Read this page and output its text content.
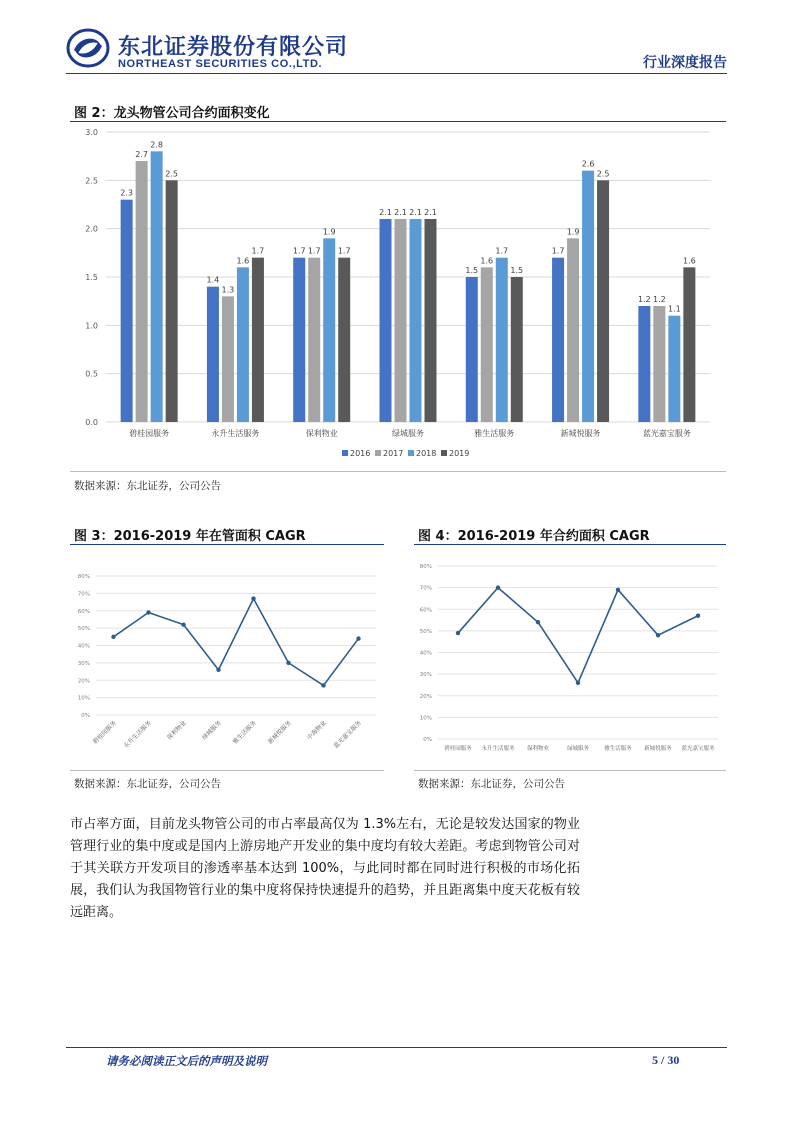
东北证券股份有限公司
NORTHEAST SECURITIES CO.,LTD.	行业深度报告
图 2：龙头物管公司合约面积变化
0.0
0.5
1.0
1.5
2.0
2.5
3.0
2.3
2.7
2.8
2.5
碧桂园服务
1.4
1.3
1.6
1.7
永升生活服务
1.7 1.7
1.9
1.7
保利物业
2.1 2.1 2.1 2.1
绿城服务
1.5
1.6
1.7
1.5
雅生活服务
1.7
1.9
2.6
2.5
新城悦服务
1.2 1.2
1.1
1.6
蓝光嘉宝服务
2016 2017 2018 2019
数据来源：东北证券，公司公告
图 3：2016-2019 年在管面积 CAGR
0%
10%
20%
30%
40%
50%
60%
70%
80%
碧桂园服务 永升生活服务 保利物业 绿城服务 雅生活服务 新城悦服务 中海物业 蓝光嘉宝服务
数据来源：东北证券，公司公告
图 4：2016-2019 年合约面积 CAGR
0%
10%
20%
30%
40%
50%
60%
70%
80%
碧桂园服务 永升生活服务 保利物业	绿城服务	雅生活服务 新城悦服务 蓝光嘉宝服务
数据来源：东北证券，公司公告
市占率方面，目前龙头物管公司的市占率最高仅为 1.3%左右，无论是较发达国家的物业管理行业的集中度或是国内上游房地产开发业的集中度均有较大差距。考虑到物管公司对于其关联方开发项目的渗透率基本达到 100%，与此同时都在同时进行积极的市场化拓展，我们认为我国物管行业的集中度将保持快速提升的趋势，并且距离集中度天花板有较远距离。
请务必阅读正文后的声明及说明	5 / 30
